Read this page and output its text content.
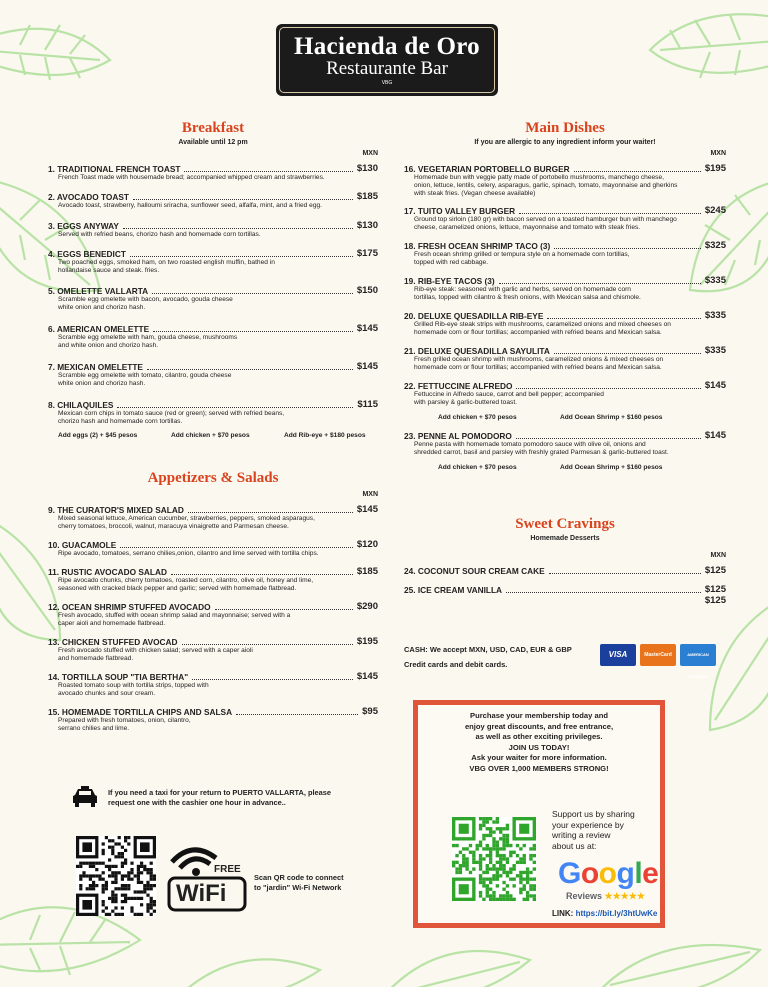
Hacienda de Oro
Restaurante Bar
VBG
Breakfast
Available until 12 pm
MXN
1. TRADITIONAL FRENCH TOAST	$130
French Toast made with housemade bread; accompanied whipped cream and strawberries.
2. AVOCADO TOAST	$185
Avocado toast, strawberry, halloumi sriracha, sunflower seed, alfalfa, mint, and a fried egg.
3. EGGS ANYWAY	$130
Served with refried beans, chorizo hash and homemade corn tortillas.
4. EGGS BENEDICT	$175
Two poached eggs, smoked ham, on two roasted english muffin, bathed in
hollandaise sauce and steak. fries.
5. OMELETTE VALLARTA	$150
Scramble egg omelette with bacon, avocado, gouda cheese
white onion and chorizo hash.
6. AMERICAN OMELETTE	$145
Scramble egg omelette with ham, gouda cheese, mushrooms
and white onion and chorizo hash.
7. MEXICAN OMELETTE	$145
Scramble egg omelette with tomato, cilantro, gouda cheese
white onion and chorizo hash.
8. CHILAQUILES	$115
Mexican corn chips in tomato sauce (red or green); served with refried beans,
chorizo hash and homemade corn tortillas.
Add eggs (2) + $45 pesos	Add chicken + $70 pesos	Add Rib-eye + $180 pesos
Appetizers & Salads
MXN
9. THE CURATOR'S MIXED SALAD	$145
Mixed seasonal lettuce, American cucumber, strawberries, peppers, smoked asparagus,
cherry tomatoes, broccoli, walnut, maracuya vinaigrette and Parmesan cheese.
10. GUACAMOLE	$120
Ripe avocado, tomatoes, serrano chilies,onion, cilantro and lime served with tortilla chips.
11. RUSTIC AVOCADO SALAD	$185
Ripe avocado chunks, cherry tomatoes, roasted corn, cilantro, olive oil, honey and lime,
seasoned with cracked black pepper and garlic; served with homemade flatbread.
12. OCEAN SHRIMP STUFFED AVOCADO	$290
Fresh avocado, stuffed with ocean shrimp salad and mayonnaise; served with a
caper aioli and homemade flatbread.
13. CHICKEN STUFFED AVOCAD	$195
Fresh avocado stuffed with chicken salad; served with a caper aioli
and homemade flatbread.
14. TORTILLA SOUP "TIA BERTHA"	$145
Roasted tomato soup with tortilla strips, topped with
avocado chunks and sour cream.
15. HOMEMADE TORTILLA CHIPS AND SALSA	$95
Prepared with fresh tomatoes, onion, cilantro,
serrano chilies and lime.
Main Dishes
If you are allergic to any ingredient inform your waiter!
MXN
16. VEGETARIAN PORTOBELLO BURGER	$195
Homemade bun with veggie patty made of portobello mushrooms, manchego cheese,
onion, lettuce, lentils, celery, asparagus, garlic, spinach, tomato, mayonnaise and gherkins
with steak fries. (Vegan cheese available)
17. TUITO VALLEY BURGER	$245
Ground top sirloin (180 gr) with bacon served on a toasted hamburger bun with manchego
cheese, caramelized onions, lettuce, mayonnaise and tomato with steak fries.
18. FRESH OCEAN SHRIMP TACO (3)	$325
Fresh ocean shrimp grilled or tempura style on a homemade corn tortillas,
topped with red cabbage.
19. RIB-EYE TACOS (3)	$335
Rib-eye steak: seasoned with garlic and herbs, served on homemade corn
tortillas, topped with cilantro & fresh onions, with Mexican salsa and chismole.
20. DELUXE QUESADILLA RIB-EYE	$335
Grilled Rib-eye steak strips with mushrooms, caramelized onions and mixed cheeses on
homemade corn or flour tortillas; accompanied with refried beans and Mexican salsa.
21. DELUXE QUESADILLA SAYULITA	$335
Fresh grilled ocean shrimp with mushrooms, caramelized onions & mixed cheeses on
homemade corn or flour tortillas; accompanied with refried beans and Mexican salsa.
22. FETTUCCINE ALFREDO	$145
Fettuccine in Alfredo sauce, carrot and bell pepper; accompanied
with parsley & garlic-buttered toast.
Add chicken + $70 pesos	Add Ocean Shrimp + $160 pesos
23. PENNE AL POMODORO	$145
Penne pasta with homemade tomato pomodoro sauce with olive oil, onions and
shredded carrot, basil and parsley with freshly grated Parmesan & garlic-buttered toast.
Add chicken + $70 pesos	Add Ocean Shrimp + $160 pesos
Sweet Cravings
Homemade Desserts
MXN
24. COCONUT SOUR CREAM CAKE	$125
25. ICE CREAM VANILLA	$125
$125
CASH: We accept MXN, USD, CAD, EUR & GBP
Credit cards and debit cards.
VISA	MasterCard	AMERICAN EXPRESS
If you need a taxi for your return to PUERTO VALLARTA, please
request one with the cashier one hour in advance..
FREE
WiFi
Scan QR code to connect
to "jardin" Wi-Fi Network
Purchase your membership today and
enjoy great discounts, and free entrance,
as well as other exciting privileges.
JOIN US TODAY!
Ask your waiter for more information.
VBG OVER 1,000 MEMBERS STRONG!
Support us by sharing
your experience by
writing a review
about us at:
Google
Reviews ★★★★★
LINK: https://bit.ly/3htUwKe
